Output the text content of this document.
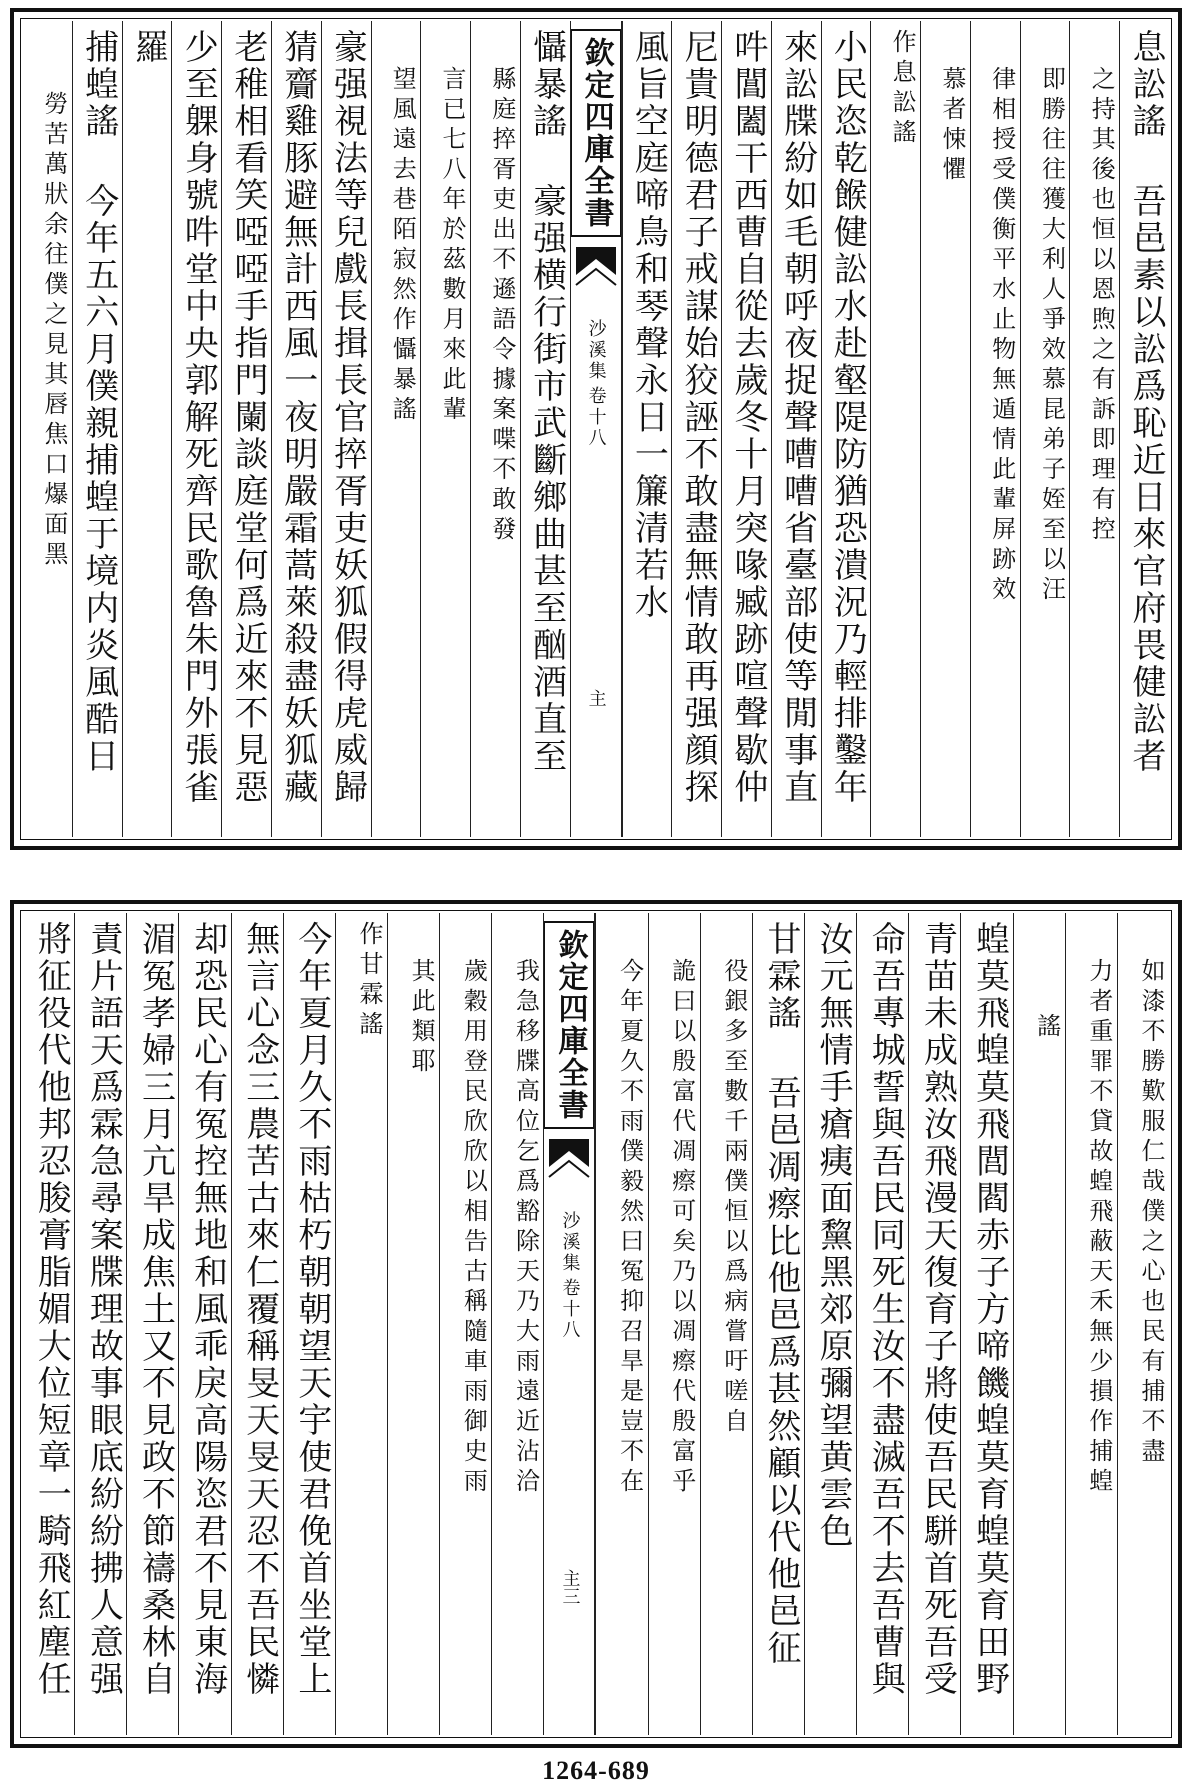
息訟謠 吾邑素以訟爲恥近日來官府畏健訟者
之持其後也恒以恩煦之有訴即理有控
即勝往往獲大利人爭效慕昆弟子姪至以汪
律相授受僕衡平水止物無遁情此輩屏跡效
慕者悚懼
作息訟謠
小民恣乾餱健訟水赴壑隄防猶恐潰況乃輕排鑿年
來訟牒紛如毛朝呼夜捉聲嘈嘈省臺部使等閒事直
吽閶闔干西曹自從去歲冬十月突喙臧跡喧聲歇仲
尼貴明德君子戒謀始狡誣不敢盡無情敢再强顔探
風旨空庭啼鳥和琴聲永日一簾清若水
欽定四庫全書
沙溪集
卷十八
主
懾暴謠 豪强横行街市武斷鄉曲甚至酗酒直至
縣庭捽胥吏出不遜語令據案喋不敢發
言已七八年於茲數月來此輩
望風遠去巷陌寂然作懾暴謠
豪强視法等兒戲長揖長官捽胥吏妖狐假得虎威歸
猜齎雞豚避無計西風一夜明嚴霜蒿萊殺盡妖狐藏
老稚相看笑啞啞手指門闌談庭堂何爲近來不見惡
少至躶身號吽堂中央郭解死齊民歌魯朱門外張雀
羅
捕蝗謠 今年五六月僕親捕蝗于境内炎風酷日
勞苦萬狀余往僕之見其唇焦口爆面黑
如漆不勝歎服仁哉僕之心也民有捕不盡
力者重罪不貸故蝗飛蔽天禾無少損作捕蝗
謠
蝗莫飛蝗莫飛閭閻赤子方啼饑蝗莫育蝗莫育田野
青苗未成熟汝飛漫天復育子將使吾民駢首死吾受
命吾專城誓與吾民同死生汝不盡滅吾不去吾曹與
汝元無情手瘡痍面黧黑郊原彌望黄雲色
甘霖謠 吾邑凋瘵比他邑爲甚然顧以代他邑征
役銀多至數千兩僕恒以爲病嘗吁嗟自
詭曰以殷富代凋瘵可矣乃以凋瘵代殷富乎
今年夏久不雨僕毅然曰冤抑召旱是豈不在
欽定四庫全書
沙溪集
卷十八
主三
我急移牒高位乞爲豁除天乃大雨遠近沾洽
歲穀用登民欣欣以相告古稱隨車雨御史雨
其此類耶
作甘霖謠
今年夏月久不雨枯朽朝朝望天宇使君俛首坐堂上
無言心念三農苦古來仁覆稱旻天旻天忍不吾民憐
却恐民心有冤控無地和風乖戾高陽恣君不見東海
湄冤孝婦三月亢旱成焦土又不見政不節禱桑林自
責片語天爲霖急尋案牒理故事眼底紛紛拂人意强
將征役代他邦忍朘膏脂媚大位短章一騎飛紅塵任
1264-689
